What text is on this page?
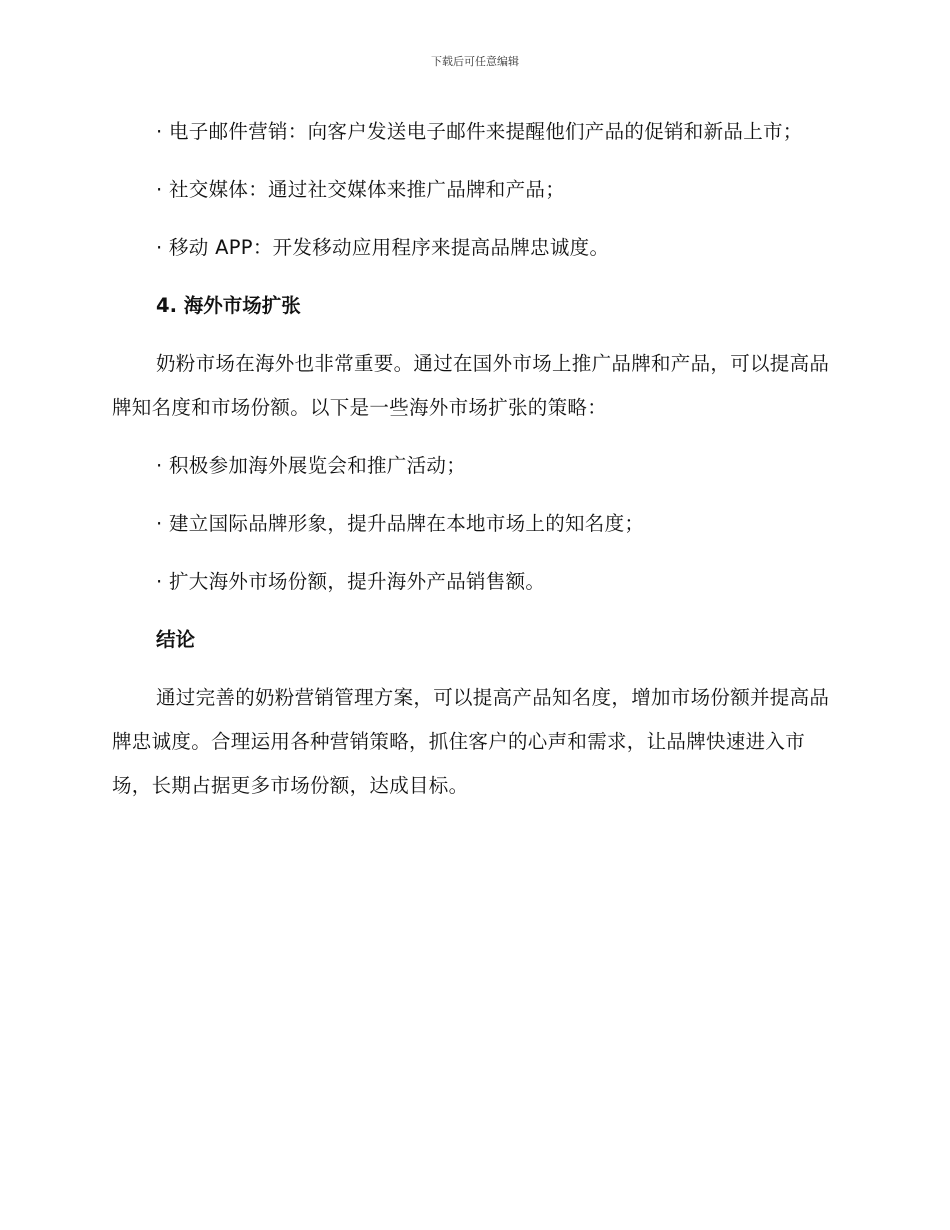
下载后可任意编辑

· 电子邮件营销：向客户发送电子邮件来提醒他们产品的促销和新品上市；

· 社交媒体：通过社交媒体来推广品牌和产品；

· 移动 APP：开发移动应用程序来提高品牌忠诚度。

4. 海外市场扩张

奶粉市场在海外也非常重要。通过在国外市场上推广品牌和产品，可以提高品牌知名度和市场份额。以下是一些海外市场扩张的策略：

· 积极参加海外展览会和推广活动；

· 建立国际品牌形象，提升品牌在本地市场上的知名度；

· 扩大海外市场份额，提升海外产品销售额。

结论

通过完善的奶粉营销管理方案，可以提高产品知名度，增加市场份额并提高品牌忠诚度。合理运用各种营销策略，抓住客户的心声和需求，让品牌快速进入市场，长期占据更多市场份额，达成目标。
